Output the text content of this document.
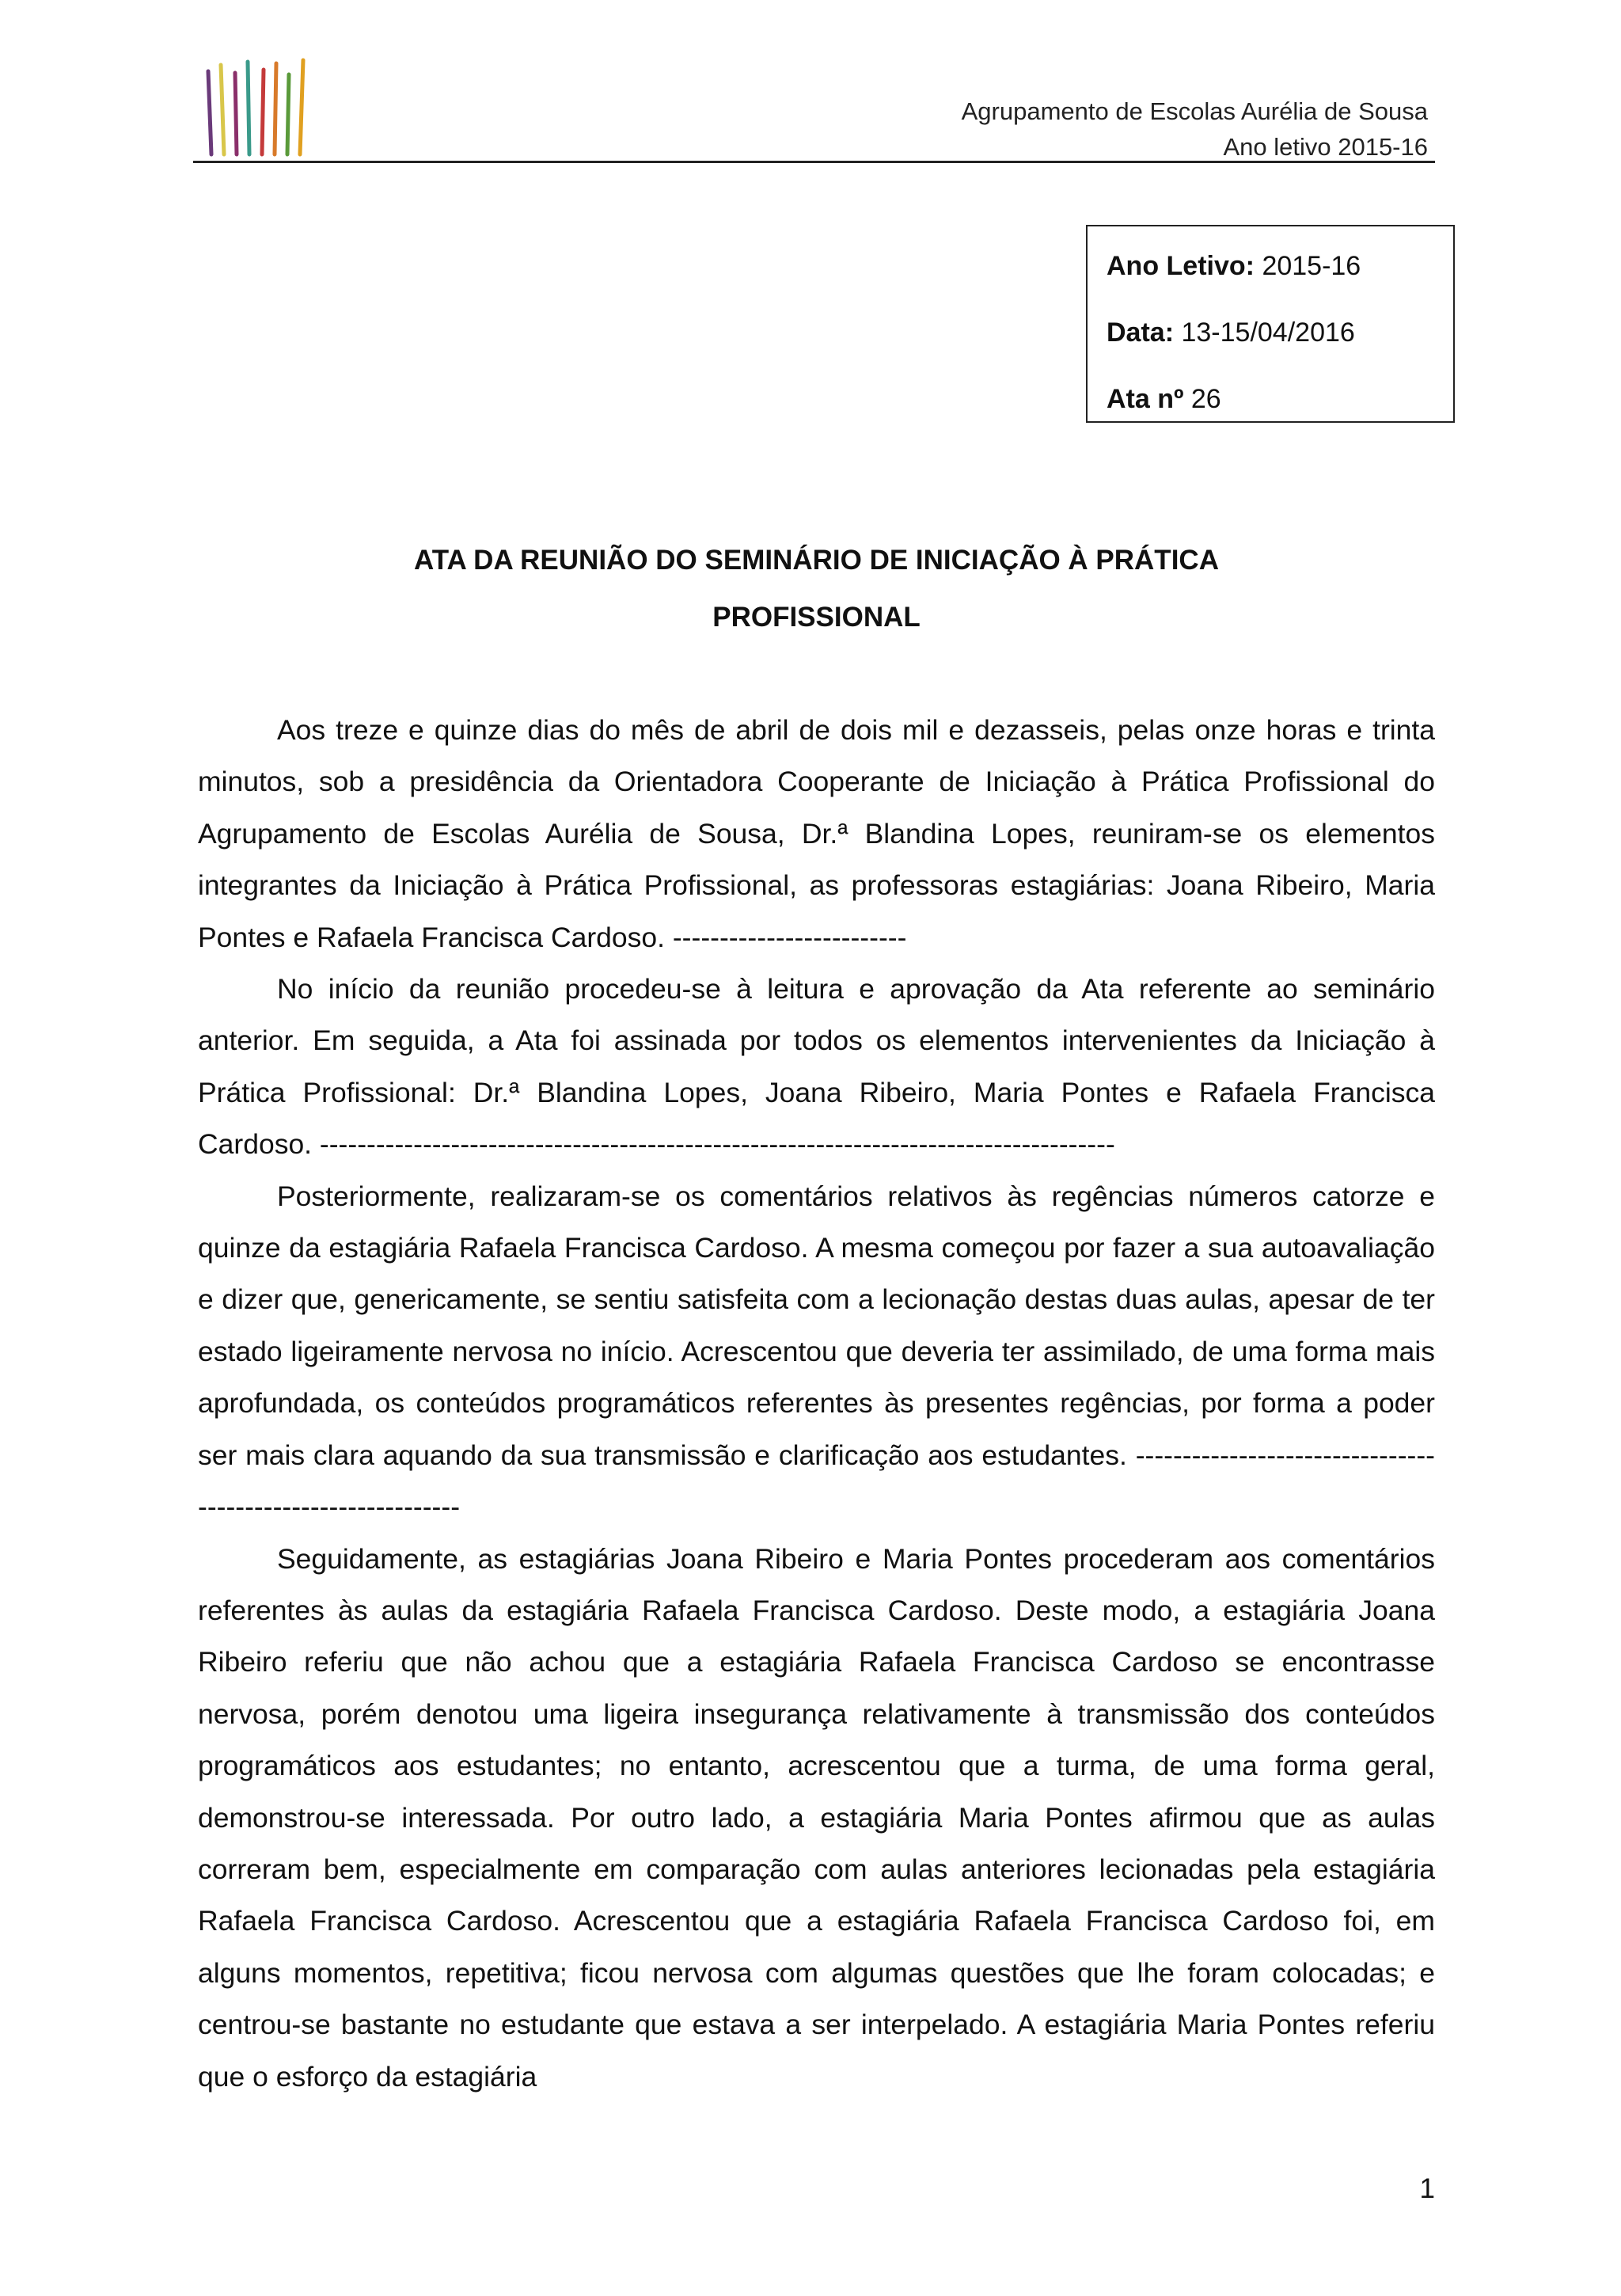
Agrupamento de Escolas Aurélia de Sousa
Ano letivo 2015-16
Ano Letivo: 2015-16
Data: 13-15/04/2016
Ata nº 26
ATA DA REUNIÃO DO SEMINÁRIO DE INICIAÇÃO À PRÁTICA
PROFISSIONAL

Aos treze e quinze dias do mês de abril de dois mil e dezasseis, pelas onze horas e trinta minutos, sob a presidência da Orientadora Cooperante de Iniciação à Prática Profissional do Agrupamento de Escolas Aurélia de Sousa, Dr.ª Blandina Lopes, reuniram-se os elementos integrantes da Iniciação à Prática Profissional, as professoras estagiárias: Joana Ribeiro, Maria Pontes e Rafaela Francisca Cardoso. -------------------------

No início da reunião procedeu-se à leitura e aprovação da Ata referente ao seminário anterior. Em seguida, a Ata foi assinada por todos os elementos intervenientes da Iniciação à Prática Profissional: Dr.ª Blandina Lopes, Joana Ribeiro, Maria Pontes e Rafaela Francisca Cardoso. -------------------------------------------------------------------------------------

Posteriormente, realizaram-se os comentários relativos às regências números catorze e quinze da estagiária Rafaela Francisca Cardoso. A mesma começou por fazer a sua autoavaliação e dizer que, genericamente, se sentiu satisfeita com a lecionação destas duas aulas, apesar de ter estado ligeiramente nervosa no início. Acrescentou que deveria ter assimilado, de uma forma mais aprofundada, os conteúdos programáticos referentes às presentes regências, por forma a poder ser mais clara aquando da sua transmissão e clarificação aos estudantes. ------------------------------------------------------------

Seguidamente, as estagiárias Joana Ribeiro e Maria Pontes procederam aos comentários referentes às aulas da estagiária Rafaela Francisca Cardoso. Deste modo, a estagiária Joana Ribeiro referiu que não achou que a estagiária Rafaela Francisca Cardoso se encontrasse nervosa, porém denotou uma ligeira insegurança relativamente à transmissão dos conteúdos programáticos aos estudantes; no entanto, acrescentou que a turma, de uma forma geral, demonstrou-se interessada. Por outro lado, a estagiária Maria Pontes afirmou que as aulas correram bem, especialmente em comparação com aulas anteriores lecionadas pela estagiária Rafaela Francisca Cardoso. Acrescentou que a estagiária Rafaela Francisca Cardoso foi, em alguns momentos, repetitiva; ficou nervosa com algumas questões que lhe foram colocadas; e centrou-se bastante no estudante que estava a ser interpelado. A estagiária Maria Pontes referiu que o esforço da estagiária

1
